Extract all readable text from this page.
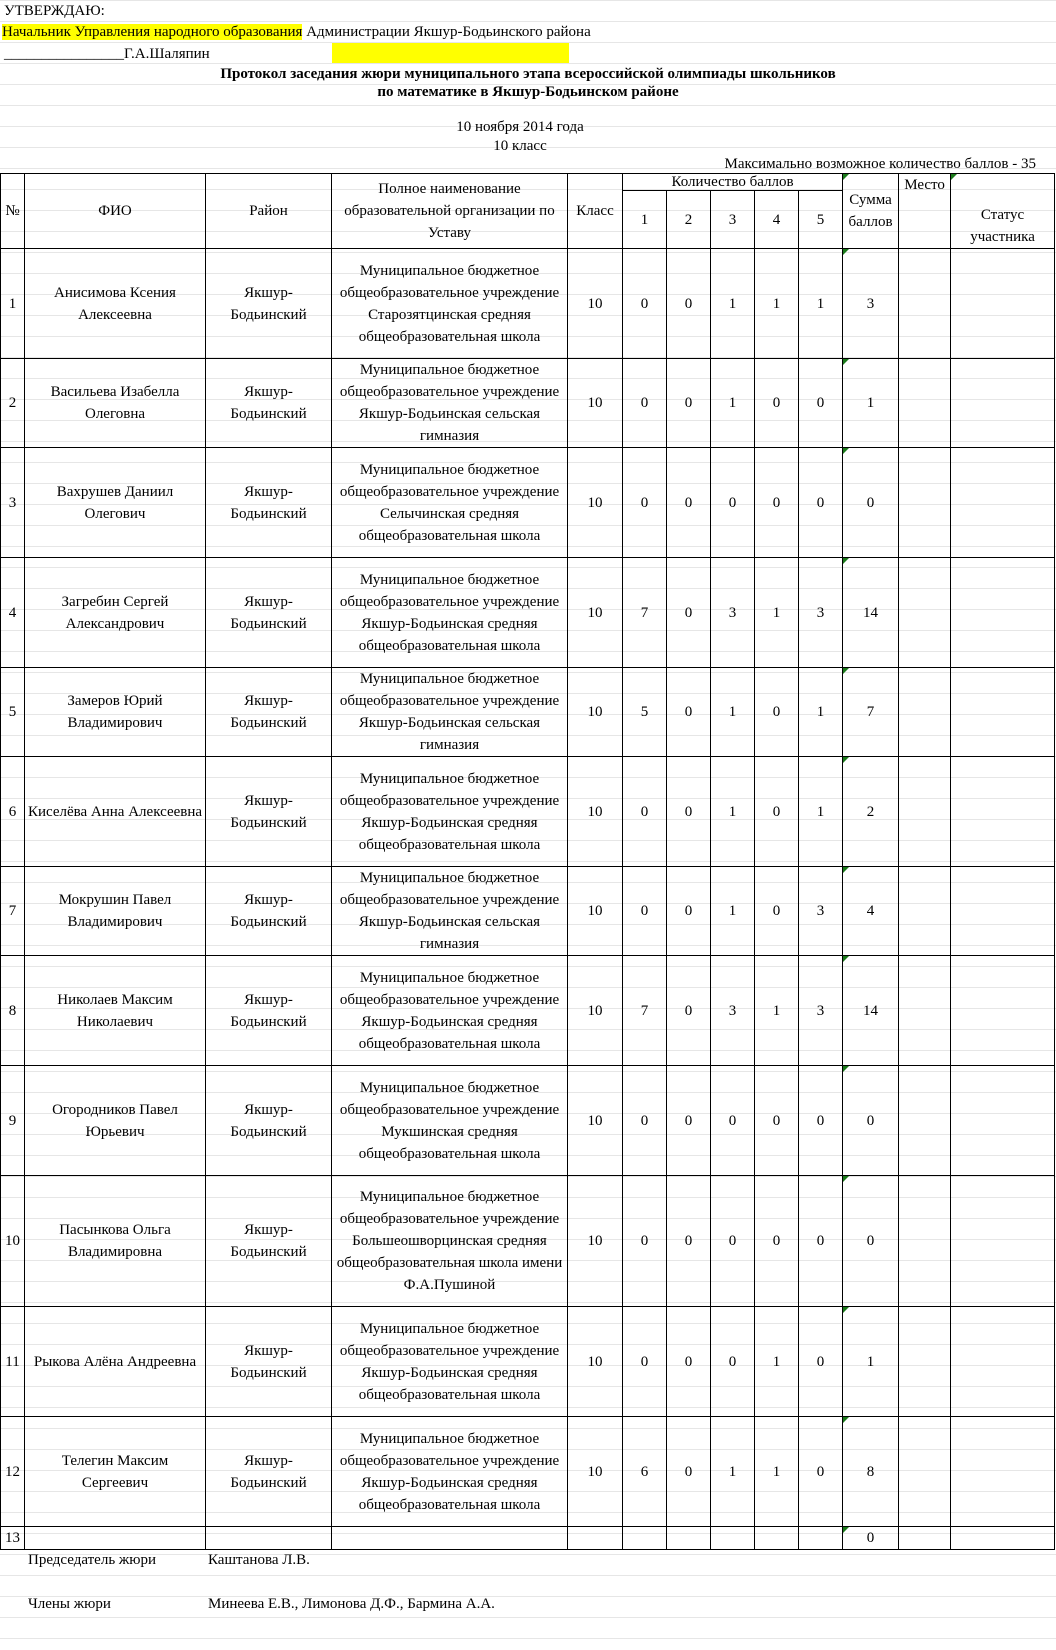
УТВЕРЖДАЮ:
Начальник Управления народного образования Администрации Якшур-Бодьинского района
________________Г.А.Шаляпин
Протокол заседания жюри муниципального этапа всероссийской олимпиады школьников
по математике в Якшур-Бодьинском районе
10 ноября 2014 года
10 класс
Максимально возможное количество баллов - 35
№	ФИО	Район	Полное наименование образовательной организации по Уставу	Класс	Количество баллов					Сумма баллов	Место	Статус участника
					1	2	3	4	5			
1	Анисимова Ксения Алексеевна	Якшур-Бодьинский	Муниципальное бюджетное общеобразовательное учреждение Старозятцинская средняя общеобразовательная школа	10	0	0	1	1	1	3		
2	Васильева Изабелла Олеговна	Якшур-Бодьинский	Муниципальное бюджетное общеобразовательное учреждение Якшур-Бодьинская сельская гимназия	10	0	0	1	0	0	1		
3	Вахрушев Даниил Олегович	Якшур-Бодьинский	Муниципальное бюджетное общеобразовательное учреждение Селычинская средняя общеобразовательная школа	10	0	0	0	0	0	0		
4	Загребин Сергей Александрович	Якшур-Бодьинский	Муниципальное бюджетное общеобразовательное учреждение Якшур-Бодьинская средняя общеобразовательная школа	10	7	0	3	1	3	14		
5	Замеров Юрий Владимирович	Якшур-Бодьинский	Муниципальное бюджетное общеобразовательное учреждение Якшур-Бодьинская сельская гимназия	10	5	0	1	0	1	7		
6	Киселёва Анна Алексеевна	Якшур-Бодьинский	Муниципальное бюджетное общеобразовательное учреждение Якшур-Бодьинская средняя общеобразовательная школа	10	0	0	1	0	1	2		
7	Мокрушин Павел Владимирович	Якшур-Бодьинский	Муниципальное бюджетное общеобразовательное учреждение Якшур-Бодьинская сельская гимназия	10	0	0	1	0	3	4		
8	Николаев Максим Николаевич	Якшур-Бодьинский	Муниципальное бюджетное общеобразовательное учреждение Якшур-Бодьинская средняя общеобразовательная школа	10	7	0	3	1	3	14		
9	Огородников Павел Юрьевич	Якшур-Бодьинский	Муниципальное бюджетное общеобразовательное учреждение Мукшинская средняя общеобразовательная школа	10	0	0	0	0	0	0		
10	Пасынкова Ольга Владимировна	Якшур-Бодьинский	Муниципальное бюджетное общеобразовательное учреждение Большеошворцинская средняя общеобразовательная школа имени Ф.А.Пушиной	10	0	0	0	0	0	0		
11	Рыкова Алёна Андреевна	Якшур-Бодьинский	Муниципальное бюджетное общеобразовательное учреждение Якшур-Бодьинская средняя общеобразовательная школа	10	0	0	0	1	0	1		
12	Телегин Максим Сергеевич	Якшур-Бодьинский	Муниципальное бюджетное общеобразовательное учреждение Якшур-Бодьинская средняя общеобразовательная школа	10	6	0	1	1	0	8		
13										0		
Председатель жюри	Каштанова Л.В.
Члены жюри	Минеева Е.В., Лимонова Д.Ф., Бармина А.А.
